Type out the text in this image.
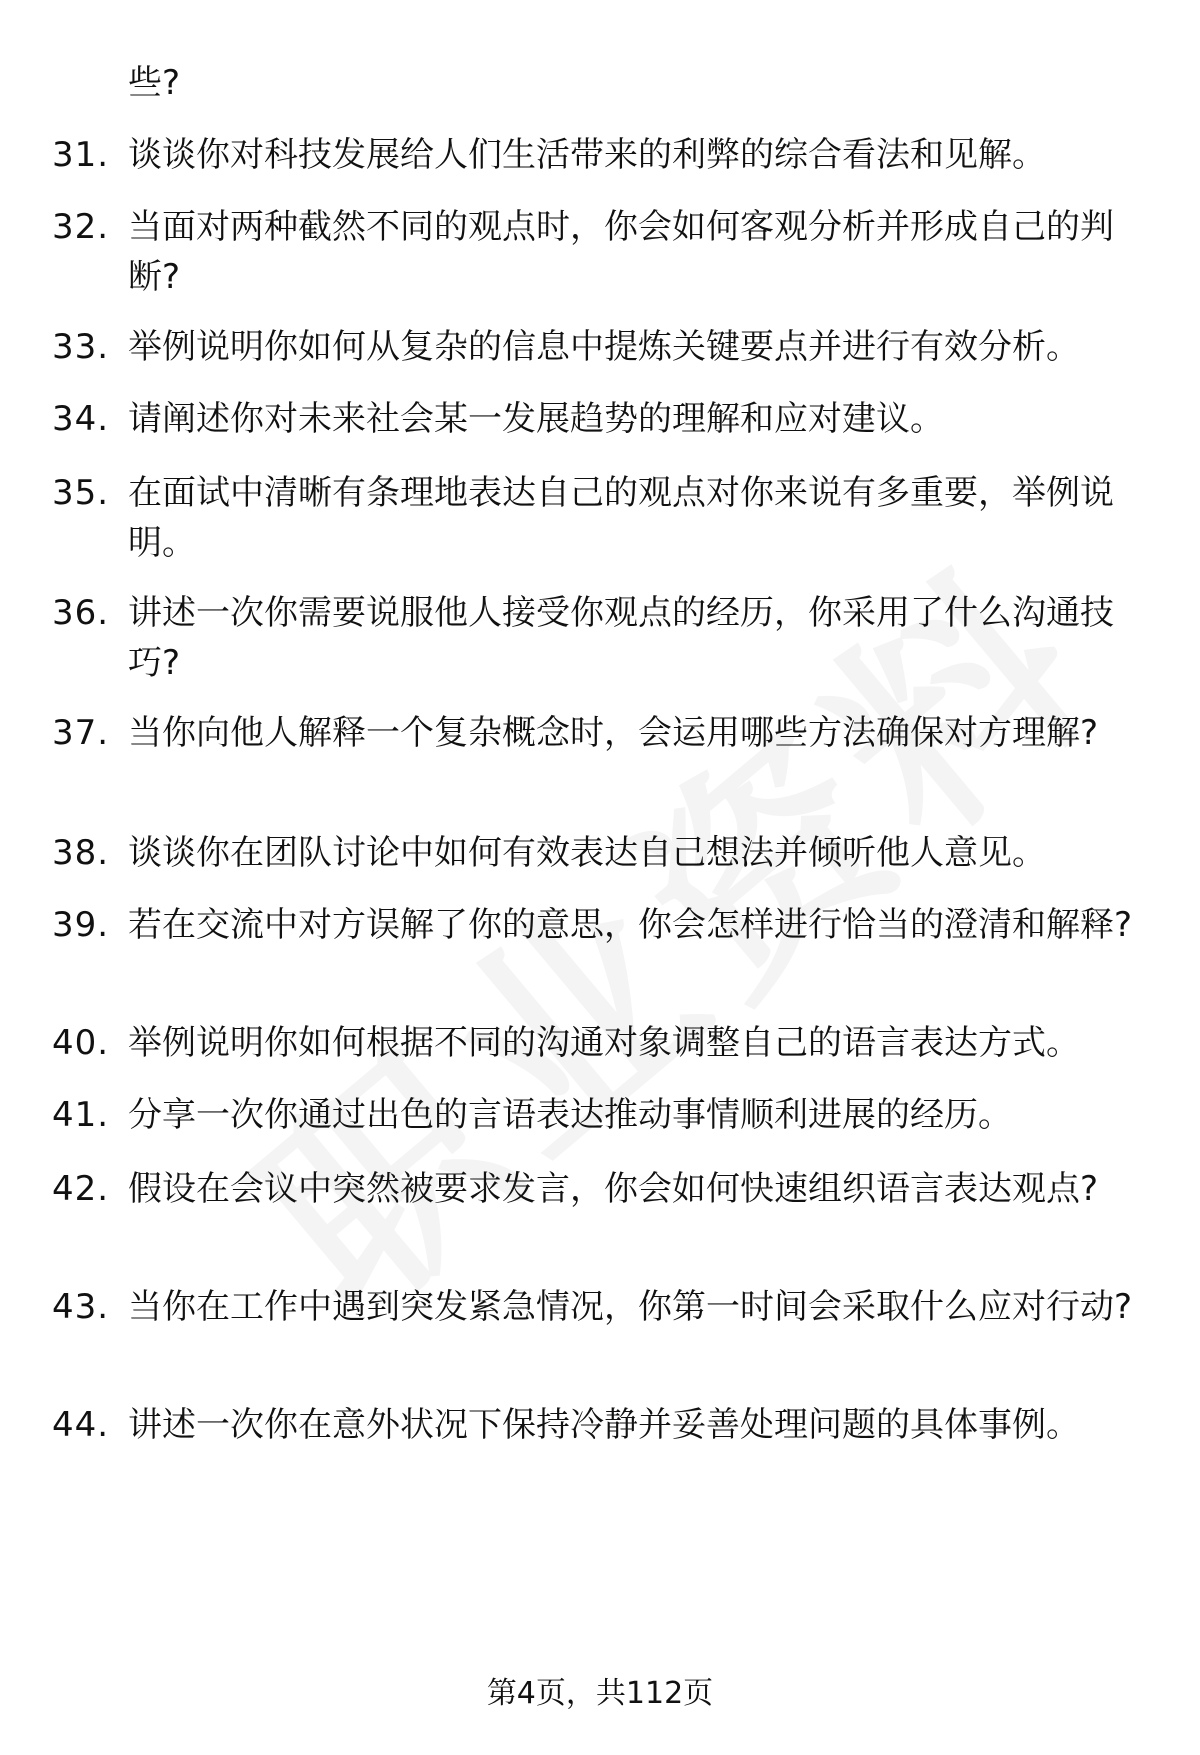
些?
31. 谈谈你对科技发展给人们生活带来的利弊的综合看法和见解。
32. 当面对两种截然不同的观点时，你会如何客观分析并形成自己的判断?
33. 举例说明你如何从复杂的信息中提炼关键要点并进行有效分析。
34. 请阐述你对未来社会某一发展趋势的理解和应对建议。
35. 在面试中清晰有条理地表达自己的观点对你来说有多重要，举例说明。
36. 讲述一次你需要说服他人接受你观点的经历，你采用了什么沟通技巧?
37. 当你向他人解释一个复杂概念时，会运用哪些方法确保对方理解?
38. 谈谈你在团队讨论中如何有效表达自己想法并倾听他人意见。
39. 若在交流中对方误解了你的意思，你会怎样进行恰当的澄清和解释?
40. 举例说明你如何根据不同的沟通对象调整自己的语言表达方式。
41. 分享一次你通过出色的言语表达推动事情顺利进展的经历。
42. 假设在会议中突然被要求发言，你会如何快速组织语言表达观点?
43. 当你在工作中遇到突发紧急情况，你第一时间会采取什么应对行动?
44. 讲述一次你在意外状况下保持冷静并妥善处理问题的具体事例。
第4页，共112页
